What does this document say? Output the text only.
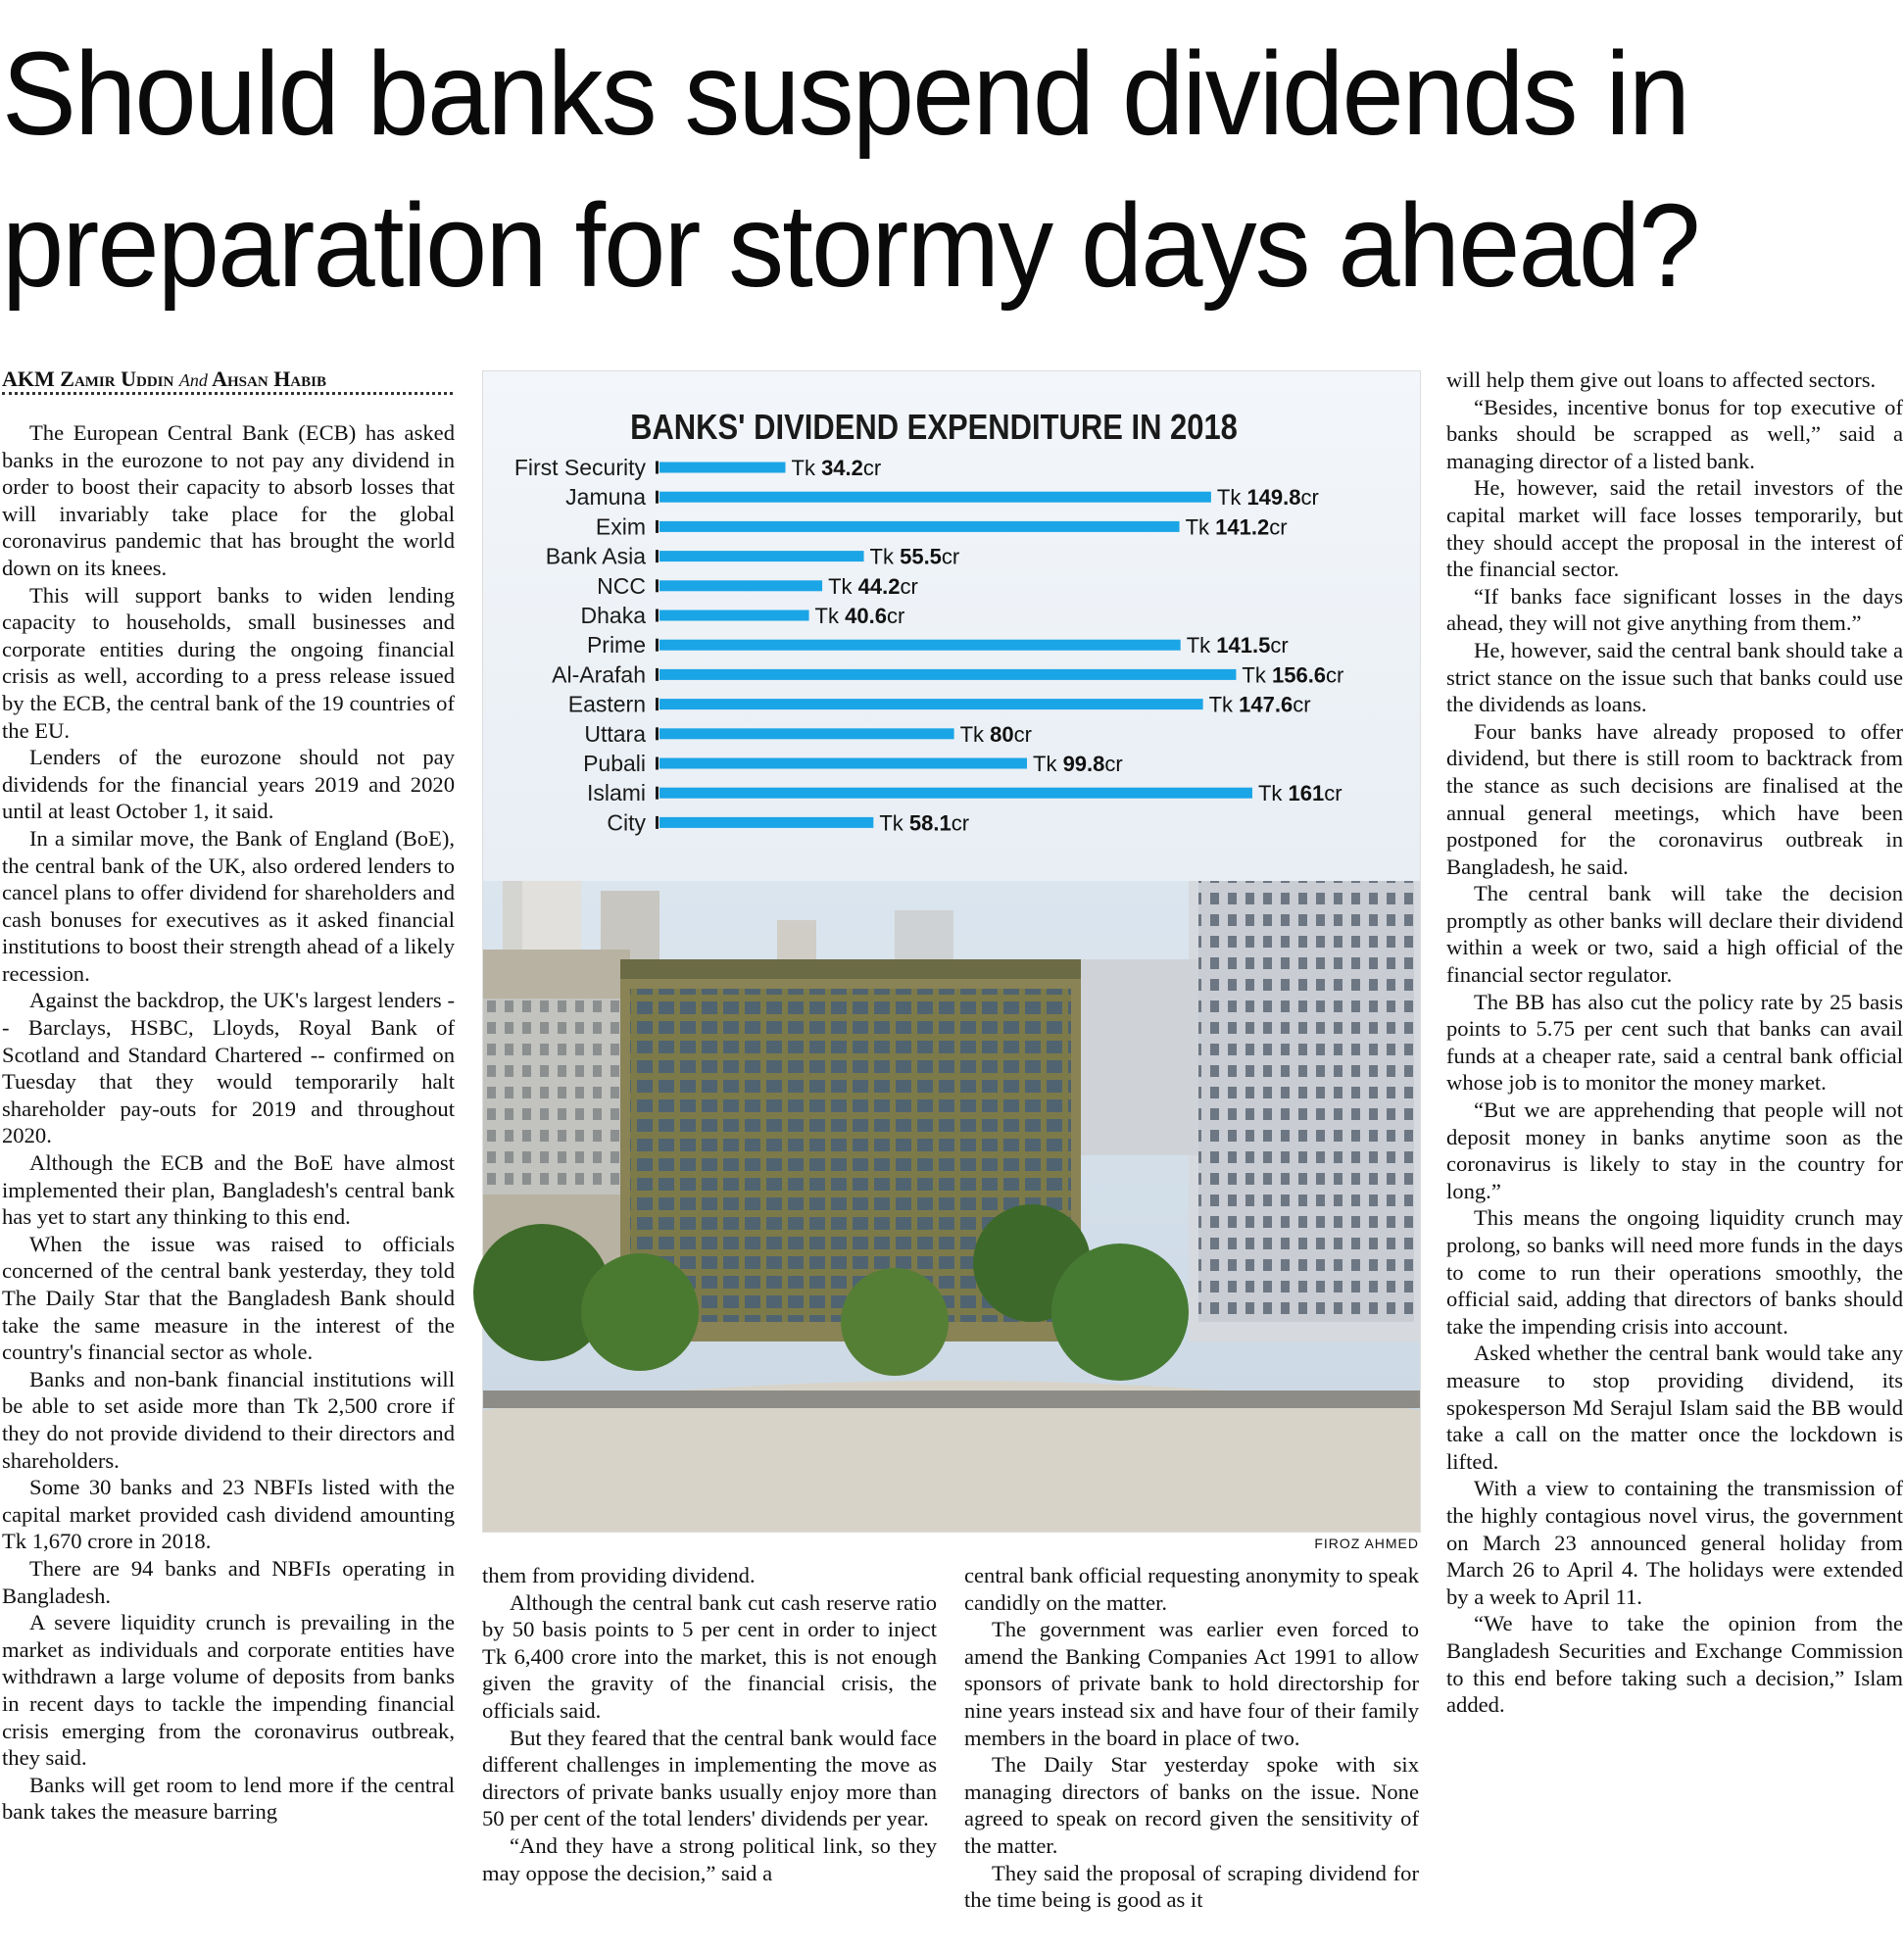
Should banks suspend dividends in
preparation for stormy days ahead?
AKM Zamir Uddin And Ahsan Habib

The European Central Bank (ECB) has asked banks in the eurozone to not pay any dividend in order to boost their capacity to absorb losses that will invariably take place for the global coronavirus pandemic that has brought the world down on its knees.

This will support banks to widen lending capacity to households, small businesses and corporate entities during the ongoing financial crisis as well, according to a press release issued by the ECB, the central bank of the 19 countries of the EU.

Lenders of the eurozone should not pay dividends for the financial years 2019 and 2020 until at least October 1, it said.

In a similar move, the Bank of England (BoE), the central bank of the UK, also ordered lenders to cancel plans to offer dividend for shareholders and cash bonuses for executives as it asked financial institutions to boost their strength ahead of a likely recession.

Against the backdrop, the UK's largest lenders -- Barclays, HSBC, Lloyds, Royal Bank of Scotland and Standard Chartered -- confirmed on Tuesday that they would temporarily halt shareholder pay-outs for 2019 and throughout 2020.

Although the ECB and the BoE have almost implemented their plan, Bangladesh's central bank has yet to start any thinking to this end.

When the issue was raised to officials concerned of the central bank yesterday, they told The Daily Star that the Bangladesh Bank should take the same measure in the interest of the country's financial sector as whole.

Banks and non-bank financial institutions will be able to set aside more than Tk 2,500 crore if they do not provide dividend to their directors and shareholders.

Some 30 banks and 23 NBFIs listed with the capital market provided cash dividend amounting Tk 1,670 crore in 2018.

There are 94 banks and NBFIs operating in Bangladesh.

A severe liquidity crunch is prevailing in the market as individuals and corporate entities have withdrawn a large volume of deposits from banks in recent days to tackle the impending financial crisis emerging from the coronavirus outbreak, they said.

Banks will get room to lend more if the central bank takes the measure barring

BANKS' DIVIDEND EXPENDITURE IN 2018
First Security	Tk 34.2cr
Jamuna	Tk 149.8cr
Exim	Tk 141.2cr
Bank Asia	Tk 55.5cr
NCC	Tk 44.2cr
Dhaka	Tk 40.6cr
Prime	Tk 141.5cr
Al-Arafah	Tk 156.6cr
Eastern	Tk 147.6cr
Uttara	Tk 80cr
Pubali	Tk 99.8cr
Islami	Tk 161cr
City	Tk 58.1cr
FIROZ AHMED

them from providing dividend.

Although the central bank cut cash reserve ratio by 50 basis points to 5 per cent in order to inject Tk 6,400 crore into the market, this is not enough given the gravity of the financial crisis, the officials said.

But they feared that the central bank would face different challenges in implementing the move as directors of private banks usually enjoy more than 50 per cent of the total lenders' dividends per year.

“And they have a strong political link, so they may oppose the decision,” said a

central bank official requesting anonymity to speak candidly on the matter.

The government was earlier even forced to amend the Banking Companies Act 1991 to allow sponsors of private bank to hold directorship for nine years instead six and have four of their family members in the board in place of two.

The Daily Star yesterday spoke with six managing directors of banks on the issue. None agreed to speak on record given the sensitivity of the matter.

They said the proposal of scraping dividend for the time being is good as it

will help them give out loans to affected sectors.

“Besides, incentive bonus for top executive of banks should be scrapped as well,” said a managing director of a listed bank.

He, however, said the retail investors of the capital market will face losses temporarily, but they should accept the proposal in the interest of the financial sector.

“If banks face significant losses in the days ahead, they will not give anything from them.”

He, however, said the central bank should take a strict stance on the issue such that banks could use the dividends as loans.

Four banks have already proposed to offer dividend, but there is still room to backtrack from the stance as such decisions are finalised at the annual general meetings, which have been postponed for the coronavirus outbreak in Bangladesh, he said.

The central bank will take the decision promptly as other banks will declare their dividend within a week or two, said a high official of the financial sector regulator.

The BB has also cut the policy rate by 25 basis points to 5.75 per cent such that banks can avail funds at a cheaper rate, said a central bank official whose job is to monitor the money market.

“But we are apprehending that people will not deposit money in banks anytime soon as the coronavirus is likely to stay in the country for long.”

This means the ongoing liquidity crunch may prolong, so banks will need more funds in the days to come to run their operations smoothly, the official said, adding that directors of banks should take the impending crisis into account.

Asked whether the central bank would take any measure to stop providing dividend, its spokesperson Md Serajul Islam said the BB would take a call on the matter once the lockdown is lifted.

With a view to containing the transmission of the highly contagious novel virus, the government on March 23 announced general holiday from March 26 to April 4. The holidays were extended by a week to April 11.

“We have to take the opinion from the Bangladesh Securities and Exchange Commission to this end before taking such a decision,” Islam added.
